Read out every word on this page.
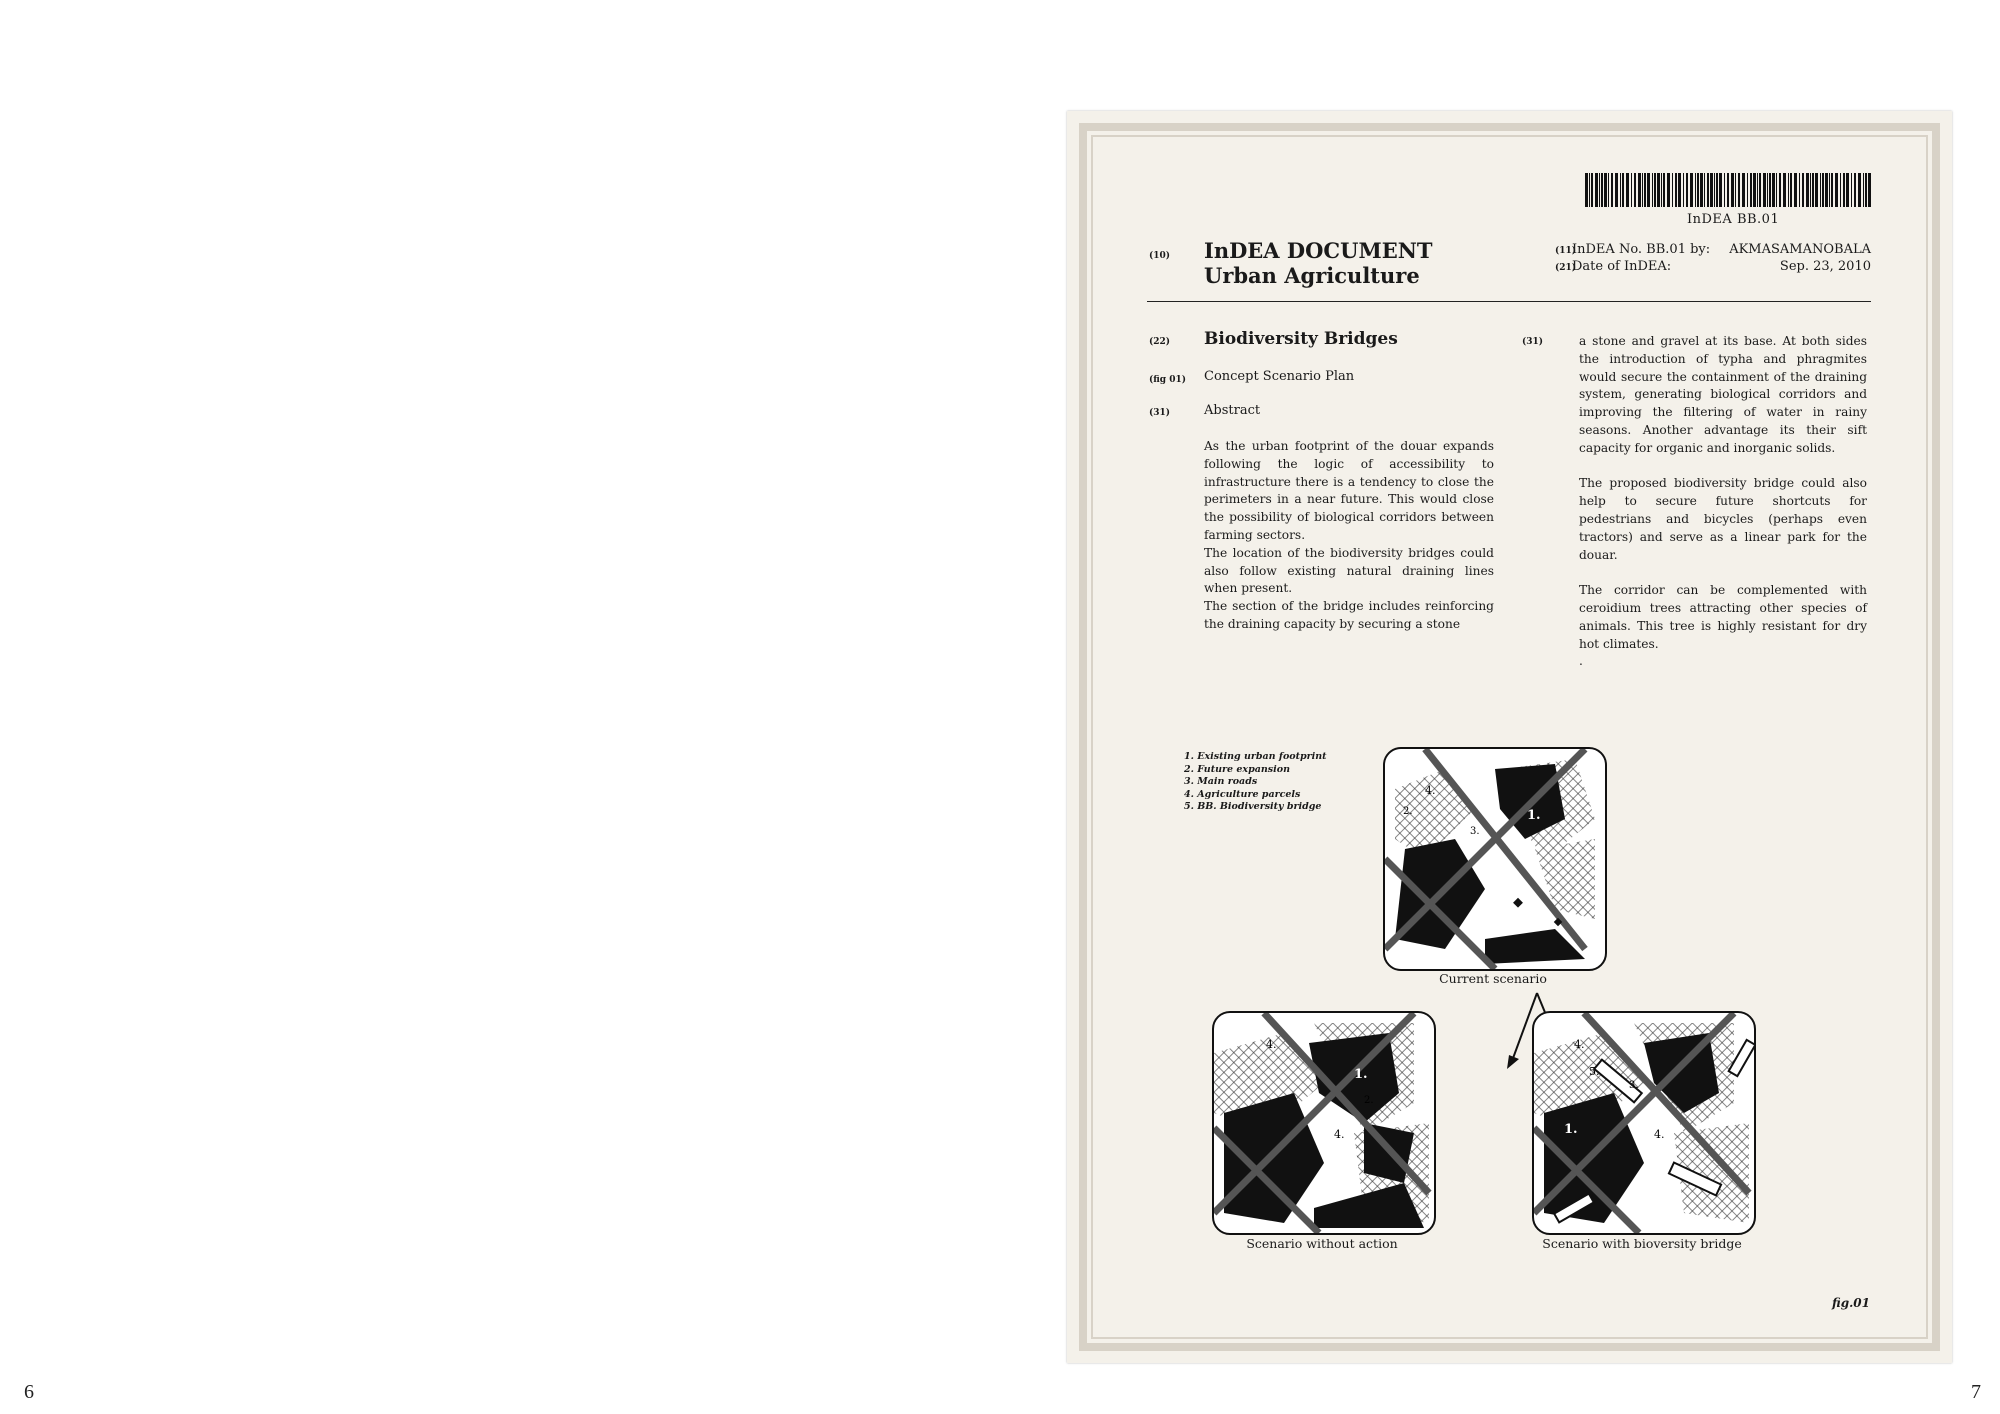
6	7
InDEA BB.01
(10) InDEA DOCUMENT
Urban Agriculture
(11)
InDEA No. BB.01 by: AKMASAMANOBALA
(21)
Date of InDEA:	Sep. 23, 2010
(22) Biodiversity Bridges
(fig 01) Concept Scenario Plan
(31)	Abstract

As the urban footprint of the douar expands following the logic of accessibility to infrastructure there is a tendency to close the perimeters in a near future. This would close the possibility of biological corridors between farming sectors.

The location of the biodiversity bridges could also follow existing natural draining lines when present.

The section of the bridge includes reinforcing the draining capacity by securing a stone

(31)	a stone and gravel at its base. At both sides the introduction of typha and phragmites would secure the containment of the draining system, generating biological corridors and improving the filtering of water in rainy seasons. Another advantage its their sift capacity for organic and inorganic solids.

The proposed biodiversity bridge could also help to secure future shortcuts for pedestrians and bicycles (perhaps even tractors) and serve as a linear park for the douar.

The corridor can be complemented with ceroidium trees attracting other species of animals. This tree is highly resistant for dry hot climates.

.

1. Existing urban footprint
2. Future expansion
3. Main roads
4. Agriculture parcels
5. BB. Biodiversity bridge
4.
2.
3.
1.
Current scenario
4.
1.
2.
4.
Scenario without action
4.
5.
3.
1.	4.
Scenario with bioversity bridge
fig.01
